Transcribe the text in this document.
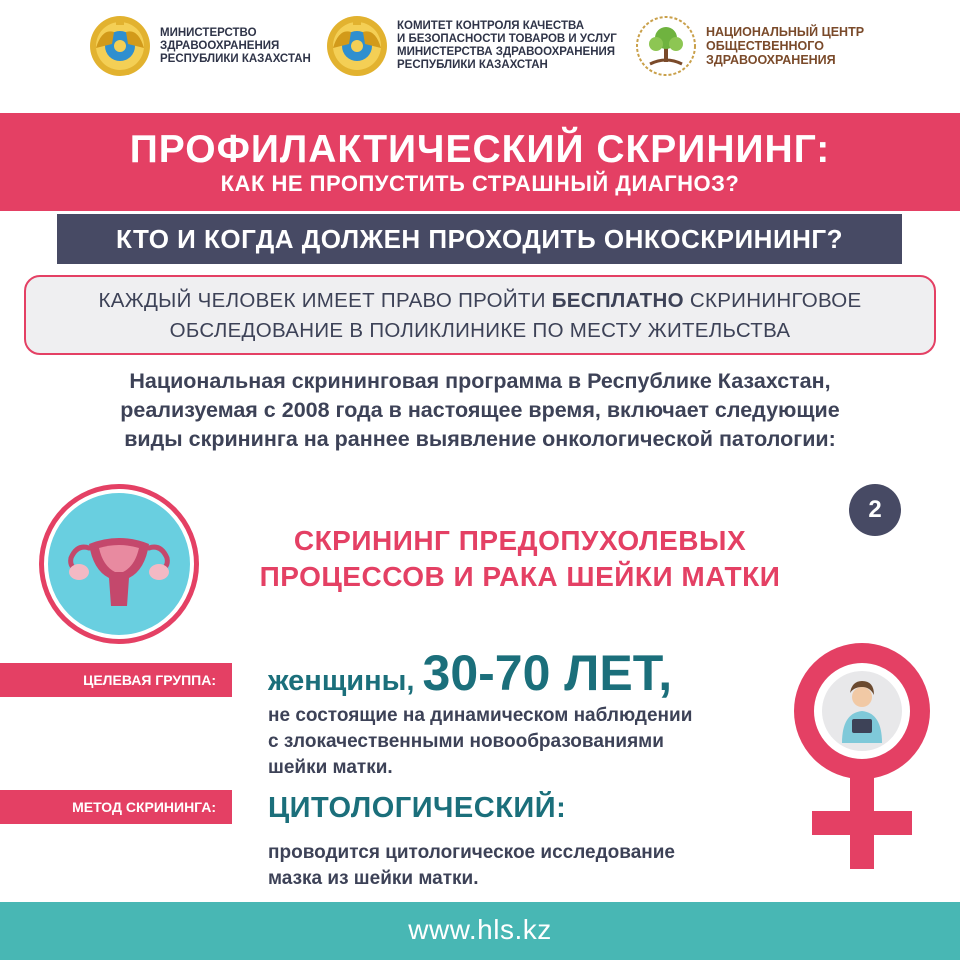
МИНИСТЕРСТВО
ЗДРАВООХРАНЕНИЯ
РЕСПУБЛИКИ КАЗАХСТАН
КОМИТЕТ КОНТРОЛЯ КАЧЕСТВА
И БЕЗОПАСНОСТИ ТОВАРОВ И УСЛУГ
МИНИСТЕРСТВА ЗДРАВООХРАНЕНИЯ
РЕСПУБЛИКИ КАЗАХСТАН
НАЦИОНАЛЬНЫЙ ЦЕНТР
ОБЩЕСТВЕННОГО
ЗДРАВООХРАНЕНИЯ
ПРОФИЛАКТИЧЕСКИЙ СКРИНИНГ:
КАК НЕ ПРОПУСТИТЬ СТРАШНЫЙ ДИАГНОЗ?
КТО И КОГДА ДОЛЖЕН ПРОХОДИТЬ ОНКОСКРИНИНГ?
КАЖДЫЙ ЧЕЛОВЕК ИМЕЕТ ПРАВО ПРОЙТИ БЕСПЛАТНО СКРИНИНГОВОЕ
ОБСЛЕДОВАНИЕ В ПОЛИКЛИНИКЕ ПО МЕСТУ ЖИТЕЛЬСТВА
Национальная скрининговая программа в Республике Казахстан,
реализуемая с 2008 года в настоящее время, включает следующие
виды скрининга на раннее выявление онкологической патологии:
2
СКРИНИНГ ПРЕДОПУХОЛЕВЫХ
ПРОЦЕССОВ И РАКА ШЕЙКИ МАТКИ
ЦЕЛЕВАЯ ГРУППА:	женщины, 30-70 ЛЕТ,
не состоящие на динамическом наблюдении
с злокачественными новообразованиями
шейки матки.
МЕТОД СКРИНИНГА:	ЦИТОЛОГИЧЕСКИЙ:
проводится цитологическое исследование
мазка из шейки матки.
www.hls.kz
